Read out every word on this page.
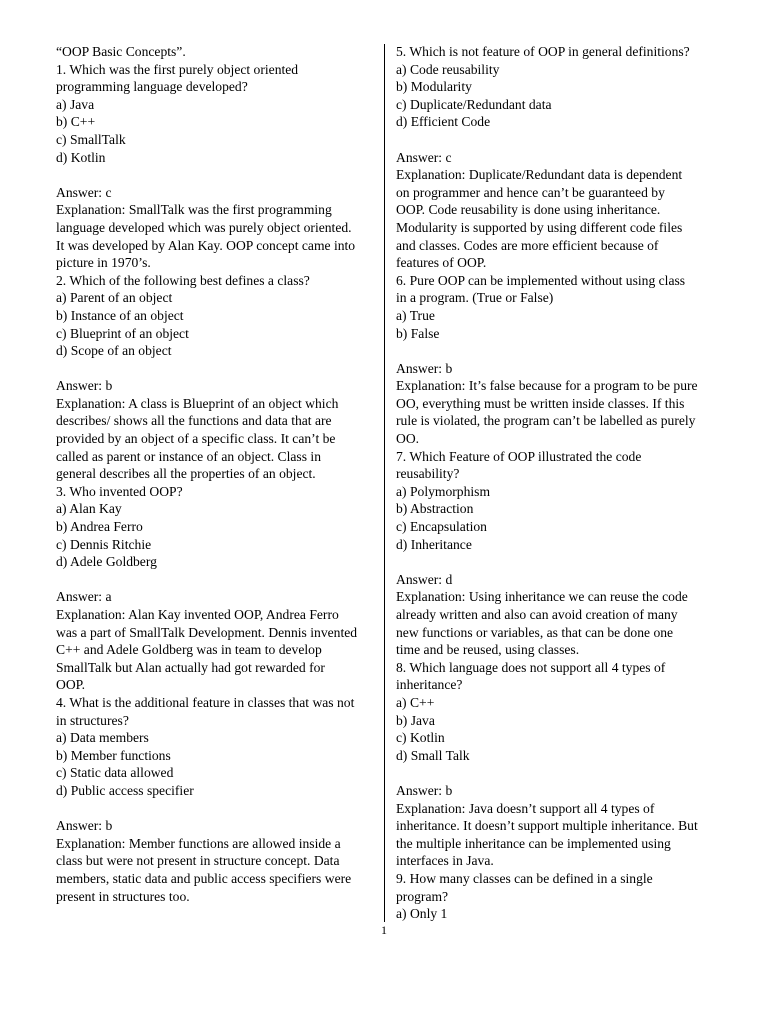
“OOP Basic Concepts”.
1. Which was the first purely object oriented
programming language developed?
a) Java
b) C++
c) SmallTalk
d) Kotlin
Answer: c
Explanation: SmallTalk was the first programming
language developed which was purely object oriented.
It was developed by Alan Kay. OOP concept came into
picture in 1970’s.
2. Which of the following best defines a class?
a) Parent of an object
b) Instance of an object
c) Blueprint of an object
d) Scope of an object
Answer: b
Explanation: A class is Blueprint of an object which
describes/ shows all the functions and data that are
provided by an object of a specific class. It can’t be
called as parent or instance of an object. Class in
general describes all the properties of an object.
3. Who invented OOP?
a) Alan Kay
b) Andrea Ferro
c) Dennis Ritchie
d) Adele Goldberg
Answer: a
Explanation: Alan Kay invented OOP, Andrea Ferro
was a part of SmallTalk Development. Dennis invented
C++ and Adele Goldberg was in team to develop
SmallTalk but Alan actually had got rewarded for
OOP.
4. What is the additional feature in classes that was not
in structures?
a) Data members
b) Member functions
c) Static data allowed
d) Public access specifier
Answer: b
Explanation: Member functions are allowed inside a
class but were not present in structure concept. Data
members, static data and public access specifiers were
present in structures too.
5. Which is not feature of OOP in general definitions?
a) Code reusability
b) Modularity
c) Duplicate/Redundant data
d) Efficient Code
Answer: c
Explanation: Duplicate/Redundant data is dependent
on programmer and hence can’t be guaranteed by
OOP. Code reusability is done using inheritance.
Modularity is supported by using different code files
and classes. Codes are more efficient because of
features of OOP.
6. Pure OOP can be implemented without using class
in a program. (True or False)
a) True
b) False
Answer: b
Explanation: It’s false because for a program to be pure
OO, everything must be written inside classes. If this
rule is violated, the program can’t be labelled as purely
OO.
7. Which Feature of OOP illustrated the code
reusability?
a) Polymorphism
b) Abstraction
c) Encapsulation
d) Inheritance
Answer: d
Explanation: Using inheritance we can reuse the code
already written and also can avoid creation of many
new functions or variables, as that can be done one
time and be reused, using classes.
8. Which language does not support all 4 types of
inheritance?
a) C++
b) Java
c) Kotlin
d) Small Talk
Answer: b
Explanation: Java doesn’t support all 4 types of
inheritance. It doesn’t support multiple inheritance. But
the multiple inheritance can be implemented using
interfaces in Java.
9. How many classes can be defined in a single
program?
a) Only 1
1
